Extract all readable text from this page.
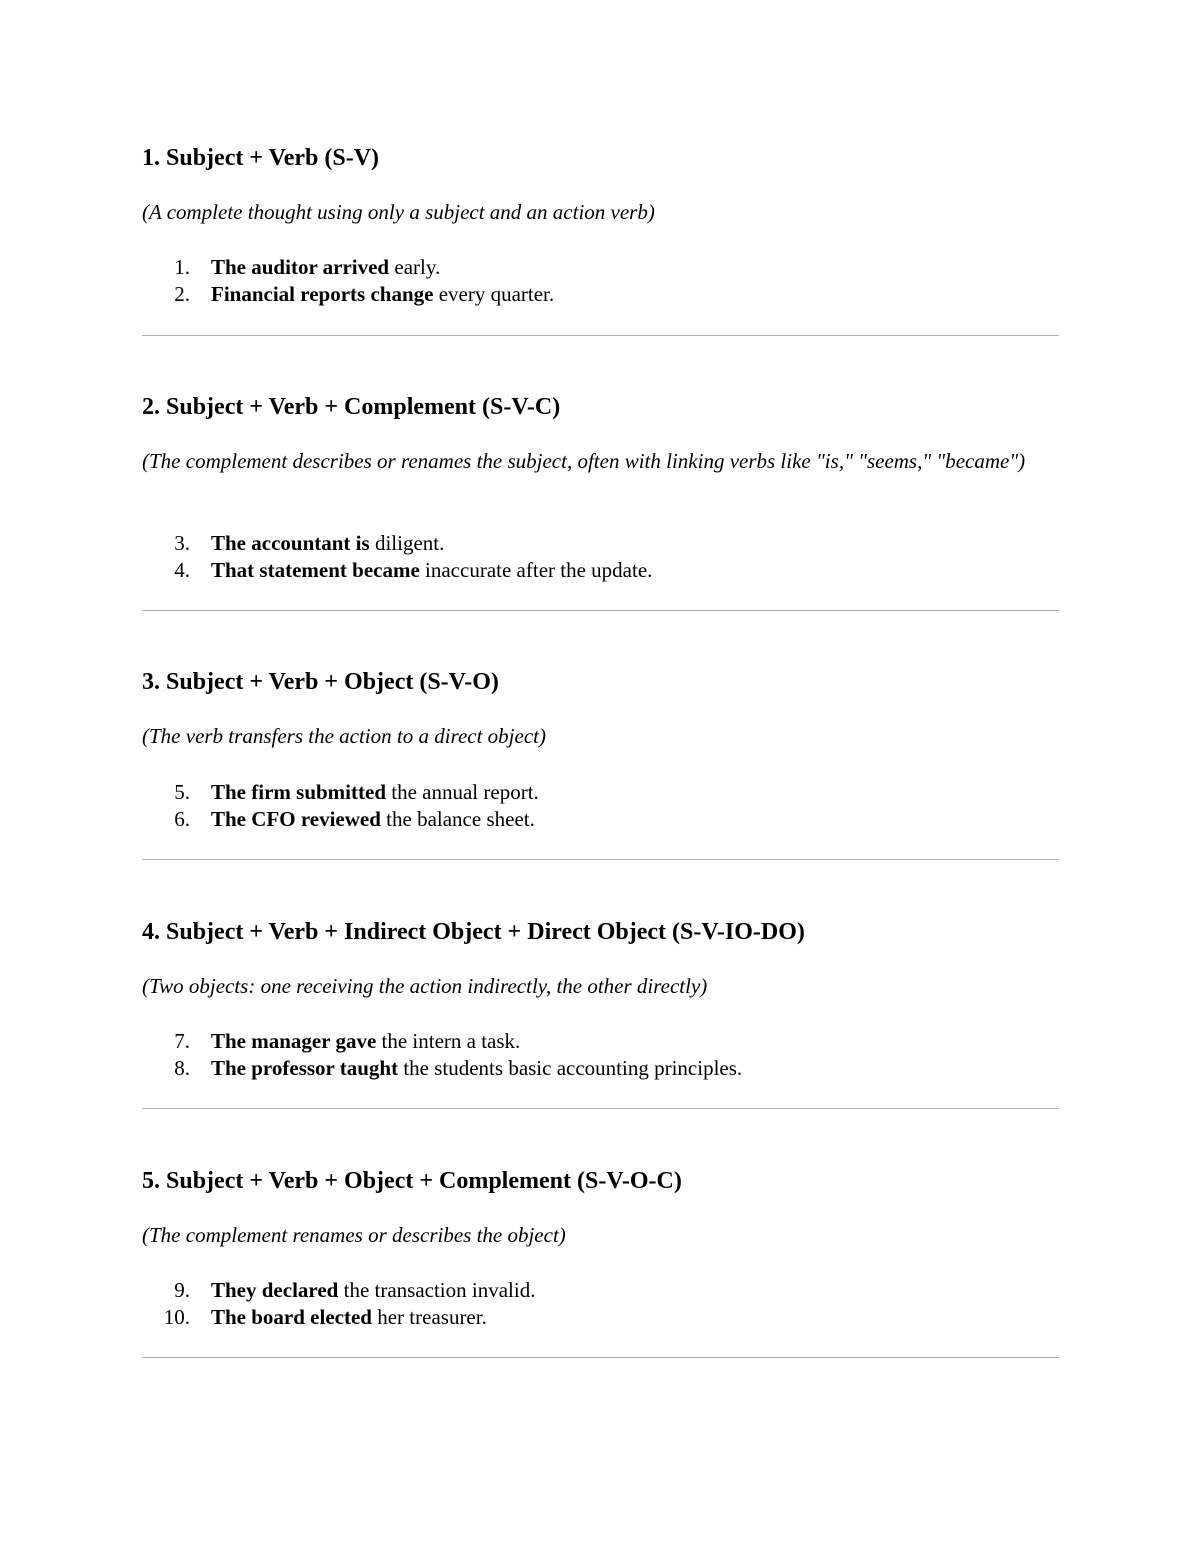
1. Subject + Verb (S-V)

(A complete thought using only a subject and an action verb)

1. The auditor arrived early.
2. Financial reports change every quarter.
2. Subject + Verb + Complement (S-V-C)

(The complement describes or renames the subject, often with linking verbs like "is," "seems," "became")

3. The accountant is diligent.
4. That statement became inaccurate after the update.
3. Subject + Verb + Object (S-V-O)

(The verb transfers the action to a direct object)

5. The firm submitted the annual report.
6. The CFO reviewed the balance sheet.
4. Subject + Verb + Indirect Object + Direct Object (S-V-IO-DO)

(Two objects: one receiving the action indirectly, the other directly)

7. The manager gave the intern a task.
8. The professor taught the students basic accounting principles.
5. Subject + Verb + Object + Complement (S-V-O-C)

(The complement renames or describes the object)

9. They declared the transaction invalid.
10. The board elected her treasurer.
